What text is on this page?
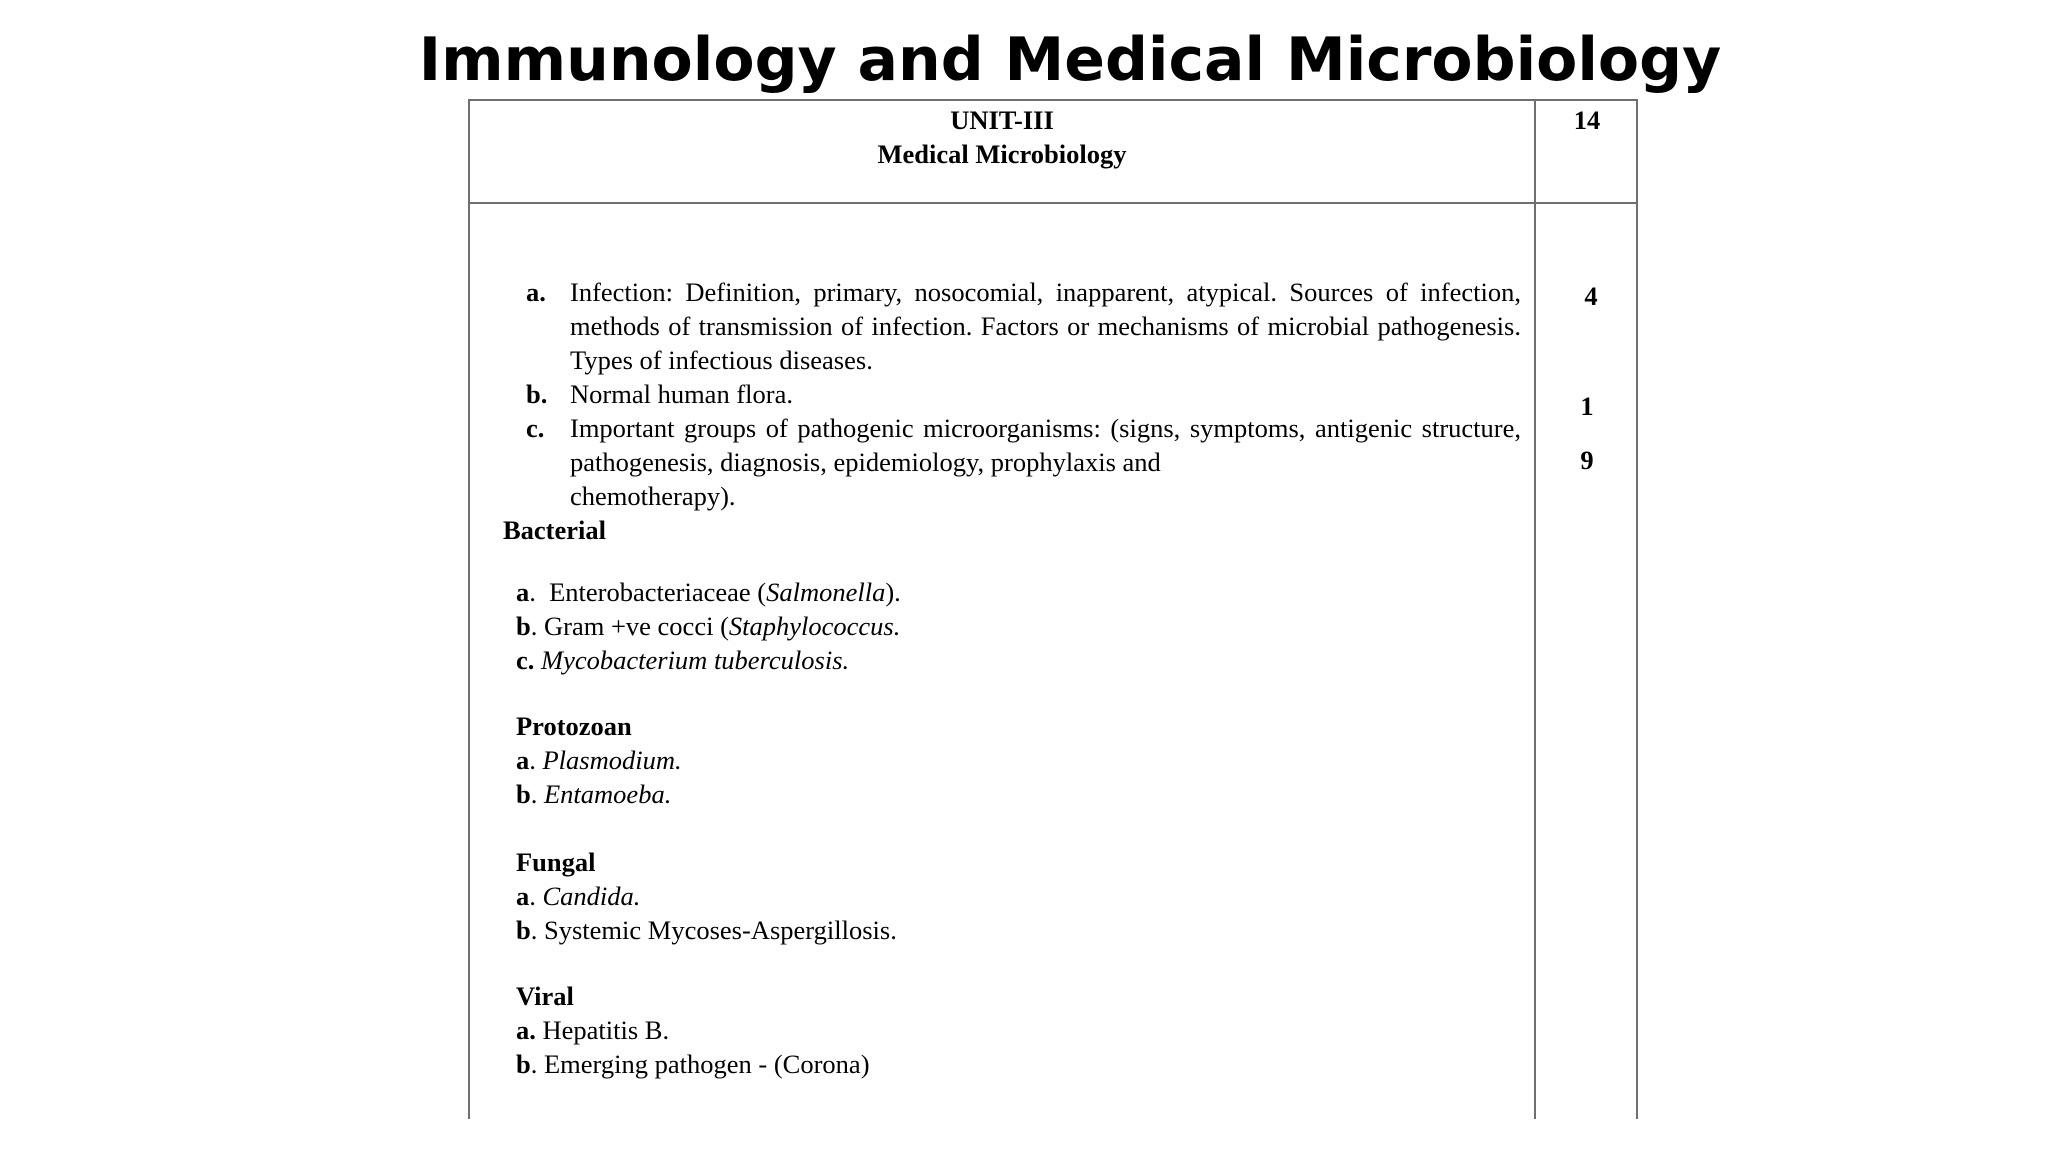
Immunology and Medical Microbiology
UNIT-III
Medical Microbiology
14
a. Infection: Definition, primary, nosocomial, inapparent, atypical. Sources of infection, methods of transmission of infection. Factors or mechanisms of microbial pathogenesis. Types of infectious diseases.
4
b. Normal human flora.	1
c. Important groups of pathogenic microorganisms: (signs, symptoms, antigenic structure, pathogenesis, diagnosis, epidemiology, prophylaxis and
chemotherapy).
9
Bacterial
a.  Enterobacteriaceae (Salmonella).
b. Gram +ve cocci (Staphylococcus.
c. Mycobacterium tuberculosis.
Protozoan
a. Plasmodium.
b. Entamoeba.
Fungal
a. Candida.
b. Systemic Mycoses-Aspergillosis.
Viral
a. Hepatitis B.
b. Emerging pathogen - (Corona)
